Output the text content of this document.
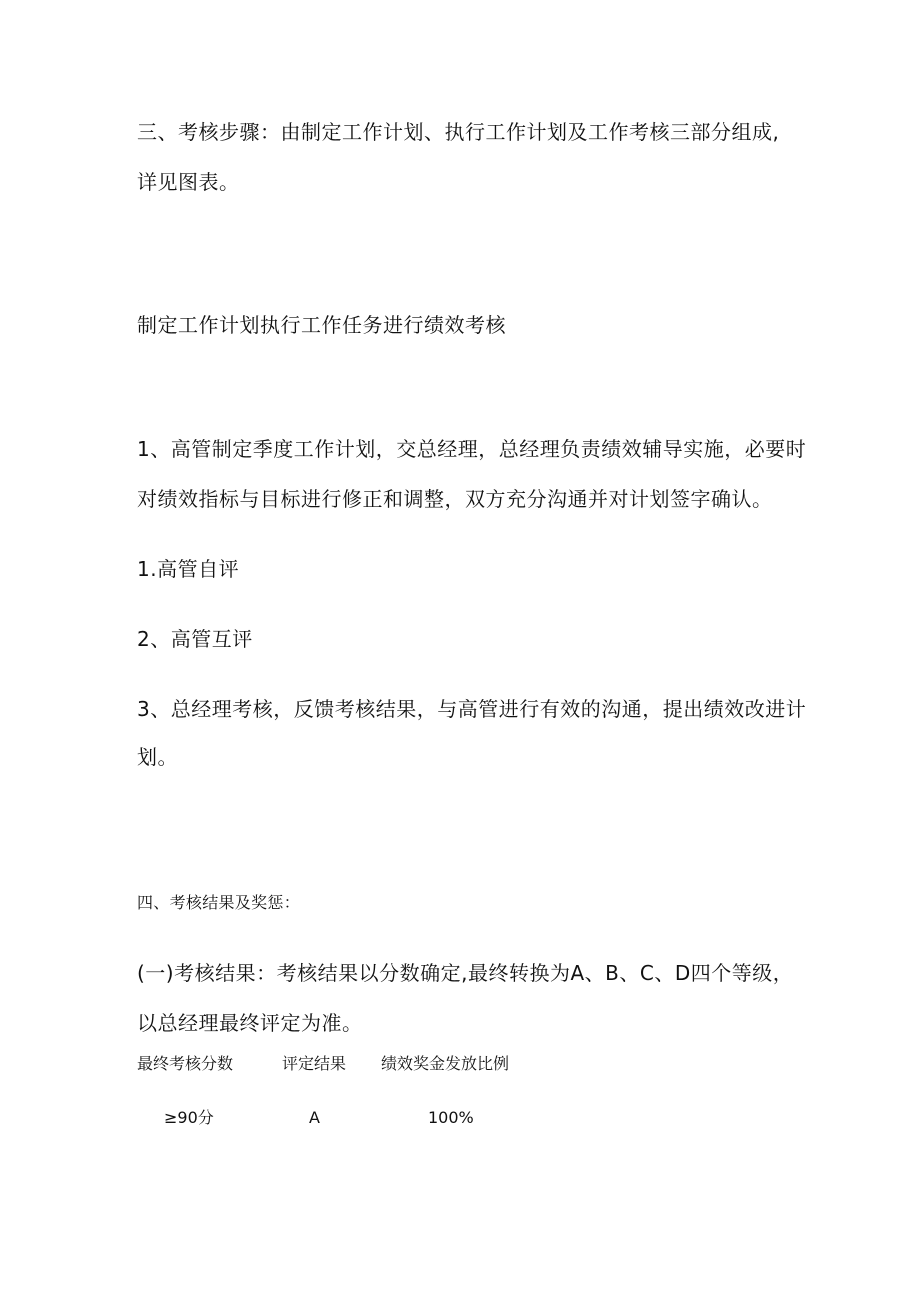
三、考核步骤：由制定工作计划、执行工作计划及工作考核三部分组成,
详见图表。
制定工作计划执行工作任务进行绩效考核
1、高管制定季度工作计划，交总经理，总经理负责绩效辅导实施，必要时
对绩效指标与目标进行修正和调整，双方充分沟通并对计划签字确认。
1.高管自评
2、高管互评
3、总经理考核，反馈考核结果，与高管进行有效的沟通，提出绩效改进计
划。
四、考核结果及奖惩：
(一)考核结果：考核结果以分数确定,最终转换为A、B、C、D四个等级，
以总经理最终评定为准。
最终考核分数	评定结果 绩效奖金发放比例
≥90分	A	100%
